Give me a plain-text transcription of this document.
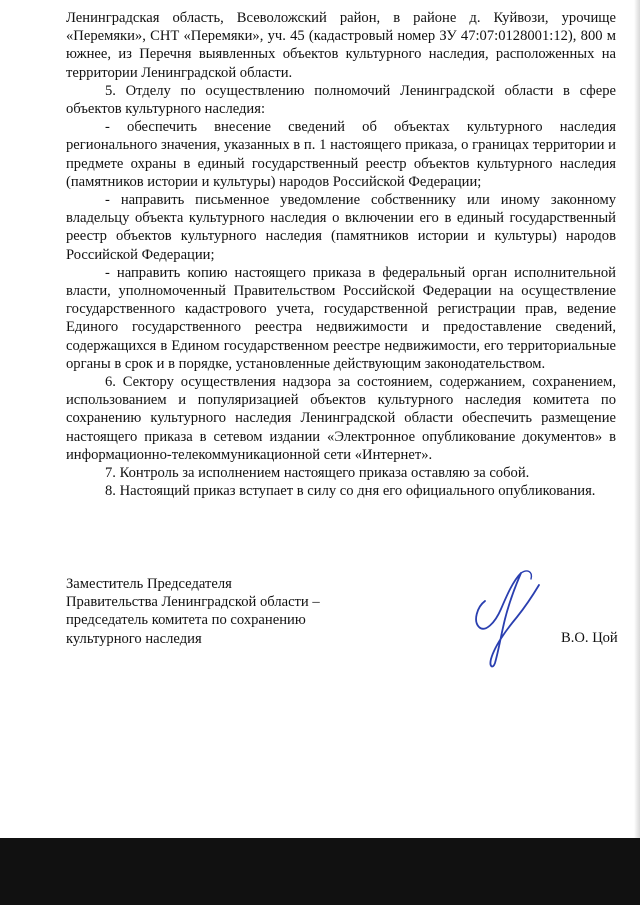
Ленинградская область, Всеволожский район, в районе д. Куйвози, урочище «Перемяки», СНТ «Перемяки», уч. 45 (кадастровый номер ЗУ 47:07:0128001:12), 800 м южнее, из Перечня выявленных объектов культурного наследия, расположенных на территории Ленинградской области.

5. Отделу по осуществлению полномочий Ленинградской области в сфере объектов культурного наследия:

- обеспечить внесение сведений об объектах культурного наследия регионального значения, указанных в п. 1 настоящего приказа, о границах территории и предмете охраны в единый государственный реестр объектов культурного наследия (памятников истории и культуры) народов Российской Федерации;

- направить письменное уведомление собственнику или иному законному владельцу объекта культурного наследия о включении его в единый государственный реестр объектов культурного наследия (памятников истории и культуры) народов Российской Федерации;

- направить копию настоящего приказа в федеральный орган исполнительной власти, уполномоченный Правительством Российской Федерации на осуществление государственного кадастрового учета, государственной регистрации прав, ведение Единого государственного реестра недвижимости и предоставление сведений, содержащихся в Едином государственном реестре недвижимости, его территориальные органы в срок и в порядке, установленные действующим законодательством.

6. Сектору осуществления надзора за состоянием, содержанием, сохранением, использованием и популяризацией объектов культурного наследия комитета по сохранению культурного наследия Ленинградской области обеспечить размещение настоящего приказа в сетевом издании «Электронное опубликование документов» в информационно-телекоммуникационной сети «Интернет».

7. Контроль за исполнением настоящего приказа оставляю за собой.

8. Настоящий приказ вступает в силу со дня его официального опубликования.

Заместитель Председателя
Правительства Ленинградской области –
председатель комитета по сохранению
культурного наследия	В.О. Цой
